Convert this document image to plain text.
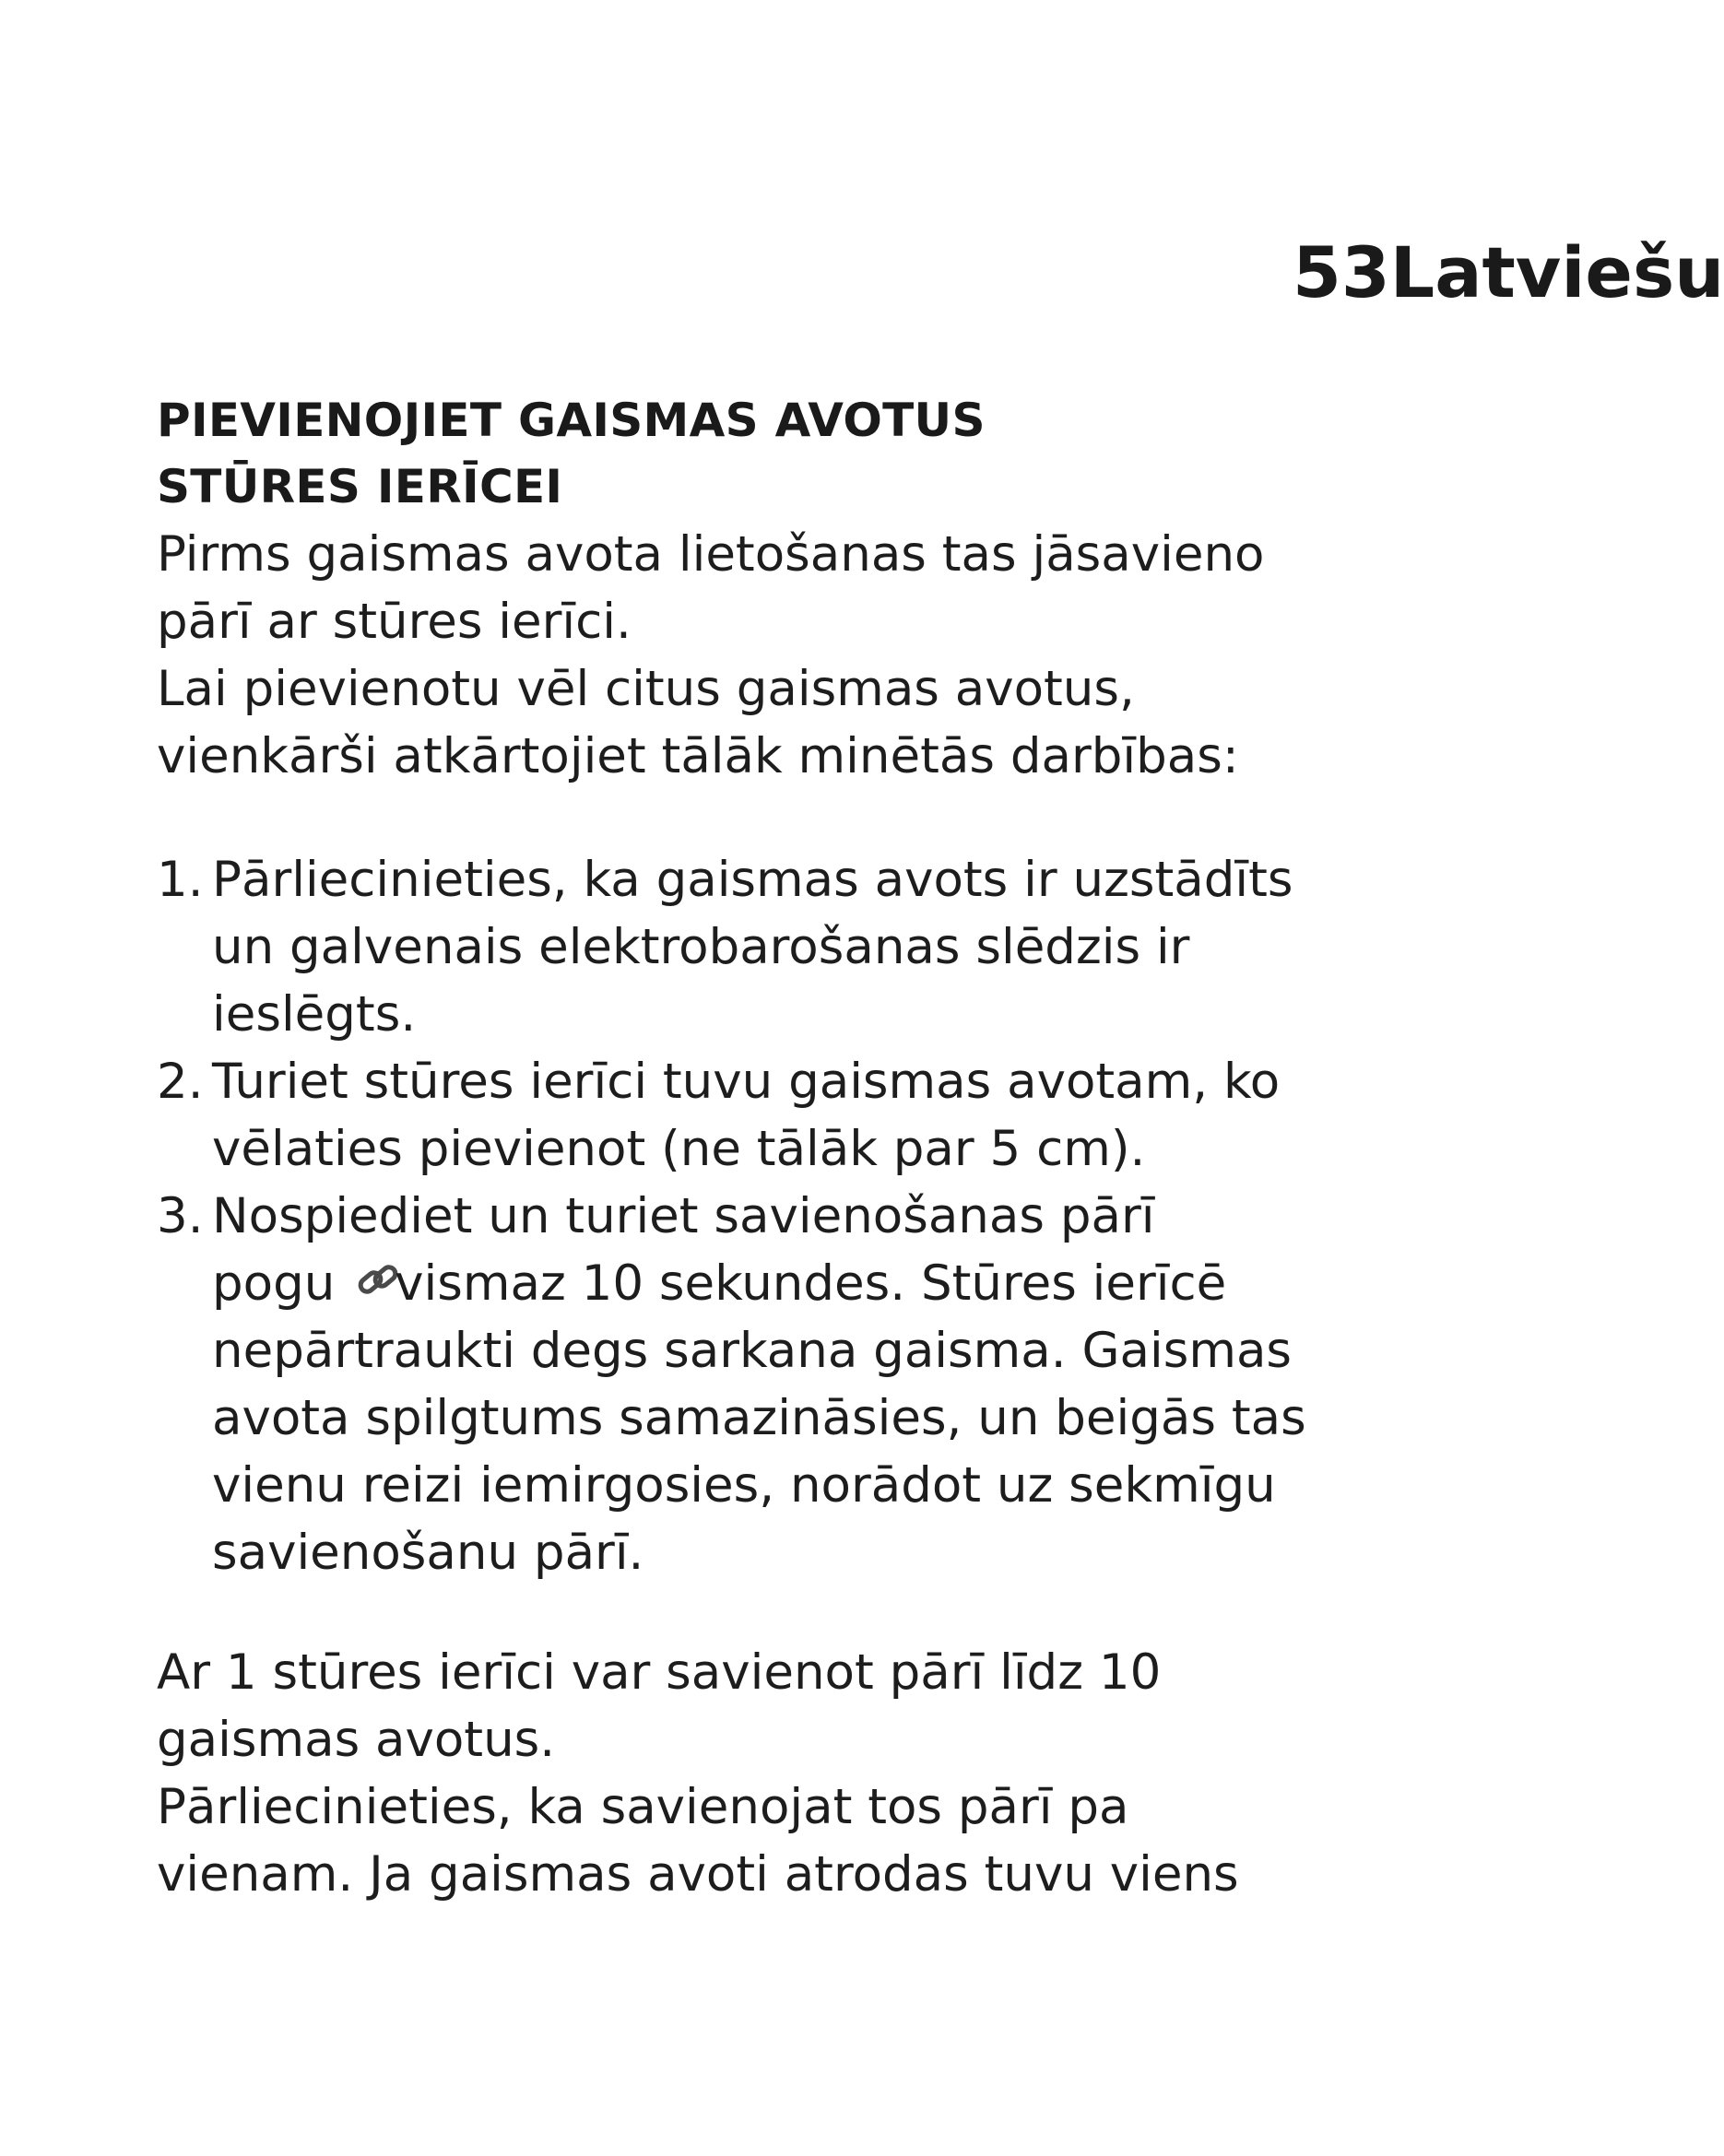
53Latviešu
PIEVIENOJIET GAISMAS AVOTUS
STŪRES IERĪCEI
Pirms gaismas avota lietošanas tas jāsavieno
pārī ar stūres ierīci.
Lai pievienotu vēl citus gaismas avotus,
vienkārši atkārtojiet tālāk minētās darbības:
1. Pārliecinieties, ka gaismas avots ir uzstādīts
un galvenais elektrobarošanas slēdzis ir
ieslēgts.
2. Turiet stūres ierīci tuvu gaismas avotam, ko
vēlaties pievienot (ne tālāk par 5 cm).
3. Nospiediet un turiet savienošanas pārī
pogu vismaz 10 sekundes. Stūres ierīcē
nepārtraukti degs sarkana gaisma. Gaismas
avota spilgtums samazināsies, un beigās tas
vienu reizi iemirgosies, norādot uz sekmīgu
savienošanu pārī.
Ar 1 stūres ierīci var savienot pārī līdz 10
gaismas avotus.
Pārliecinieties, ka savienojat tos pārī pa
vienam. Ja gaismas avoti atrodas tuvu viens
